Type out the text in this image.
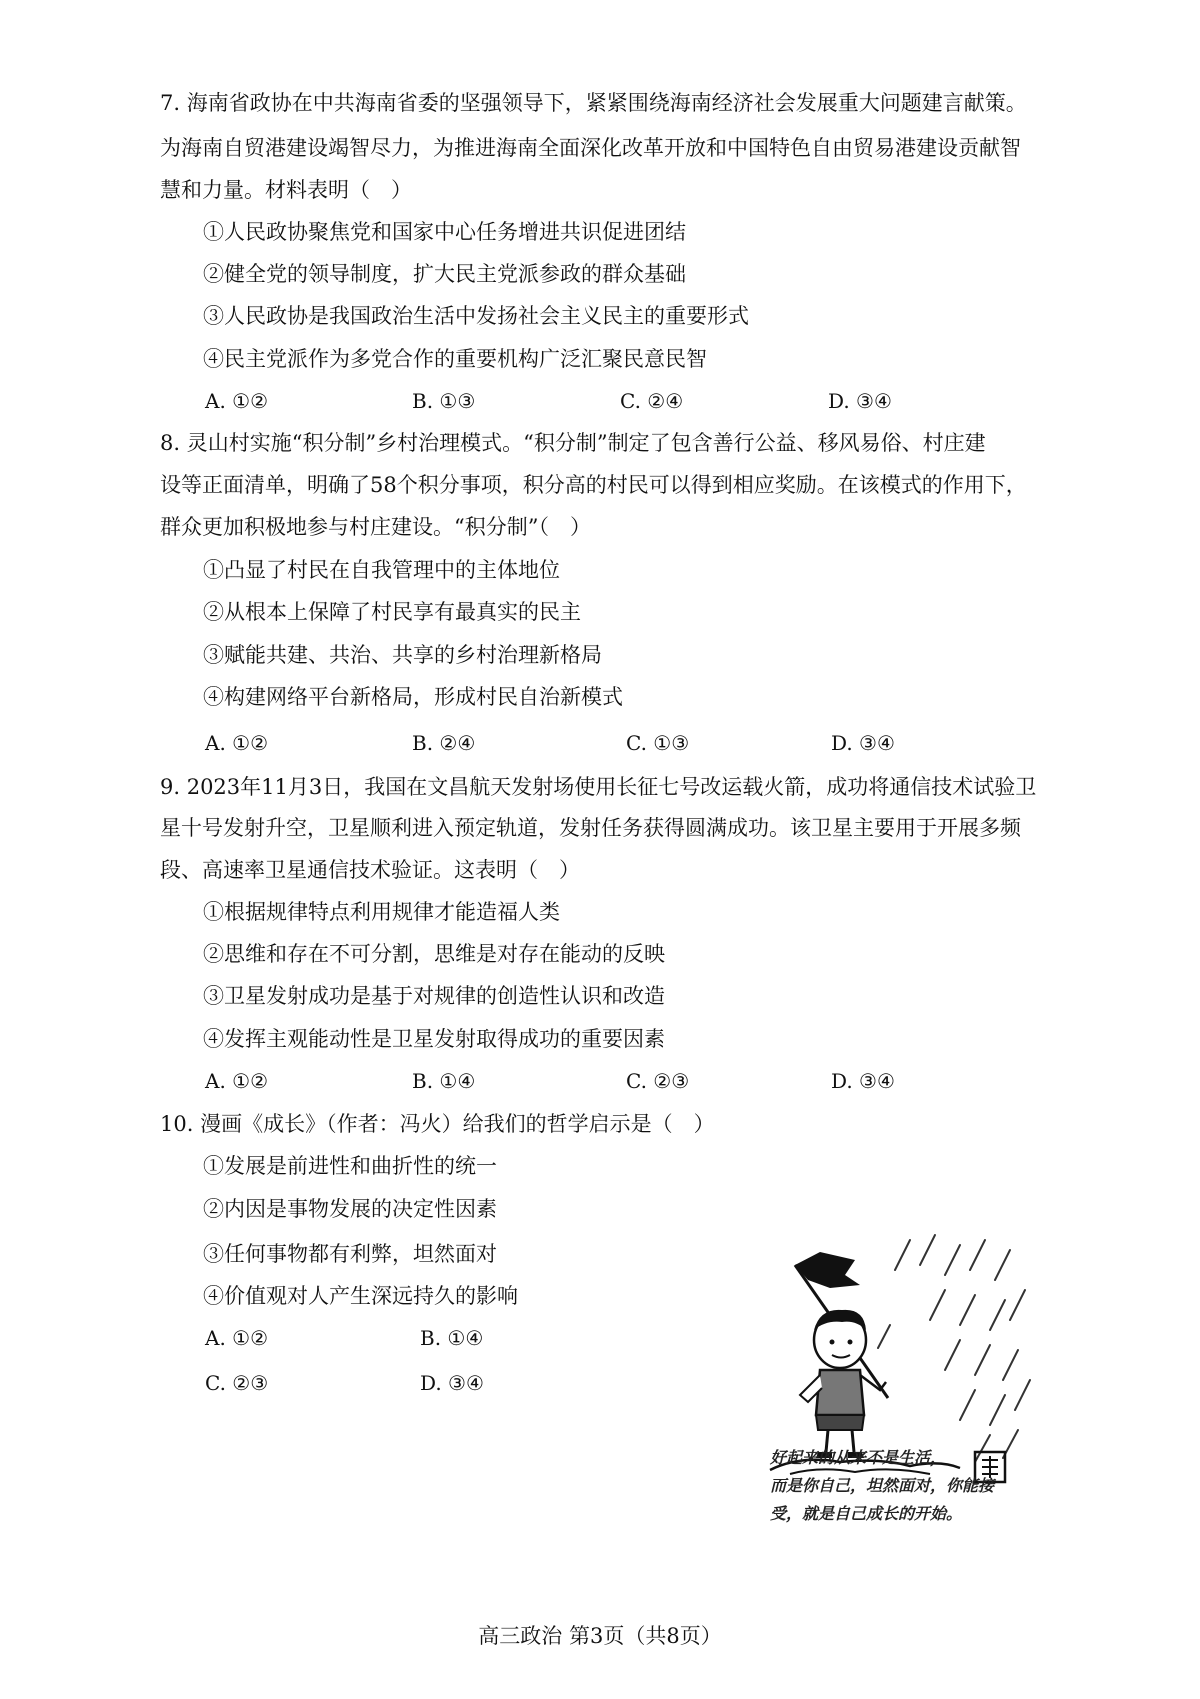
7. 海南省政协在中共海南省委的坚强领导下，紧紧围绕海南经济社会发展重大问题建言献策。
为海南自贸港建设竭智尽力，为推进海南全面深化改革开放和中国特色自由贸易港建设贡献智
慧和力量。材料表明（　）
①人民政协聚焦党和国家中心任务增进共识促进团结
②健全党的领导制度，扩大民主党派参政的群众基础
③人民政协是我国政治生活中发扬社会主义民主的重要形式
④民主党派作为多党合作的重要机构广泛汇聚民意民智
A. ①②	B. ①③	C. ②④	D. ③④
8. 灵山村实施“积分制”乡村治理模式。“积分制”制定了包含善行公益、移风易俗、村庄建
设等正面清单，明确了58个积分事项，积分高的村民可以得到相应奖励。在该模式的作用下，
群众更加积极地参与村庄建设。“积分制”（　）
①凸显了村民在自我管理中的主体地位
②从根本上保障了村民享有最真实的民主
③赋能共建、共治、共享的乡村治理新格局
④构建网络平台新格局，形成村民自治新模式
A. ①②	B. ②④	C. ①③	D. ③④
9. 2023年11月3日，我国在文昌航天发射场使用长征七号改运载火箭，成功将通信技术试验卫
星十号发射升空，卫星顺利进入预定轨道，发射任务获得圆满成功。该卫星主要用于开展多频
段、高速率卫星通信技术验证。这表明（　）
①根据规律特点利用规律才能造福人类
②思维和存在不可分割，思维是对存在能动的反映
③卫星发射成功是基于对规律的创造性认识和改造
④发挥主观能动性是卫星发射取得成功的重要因素
A. ①②	B. ①④	C. ②③	D. ③④
10. 漫画《成长》（作者：冯火）给我们的哲学启示是（　）
①发展是前进性和曲折性的统一
②内因是事物发展的决定性因素
③任何事物都有利弊，坦然面对
④价值观对人产生深远持久的影响
A. ①②	B. ①④
C. ②③	D. ③④
好起来的从来不是生活，
而是你自己，坦然面对，你能接
受，就是自己成长的开始。
高三政治 第3页（共8页）
